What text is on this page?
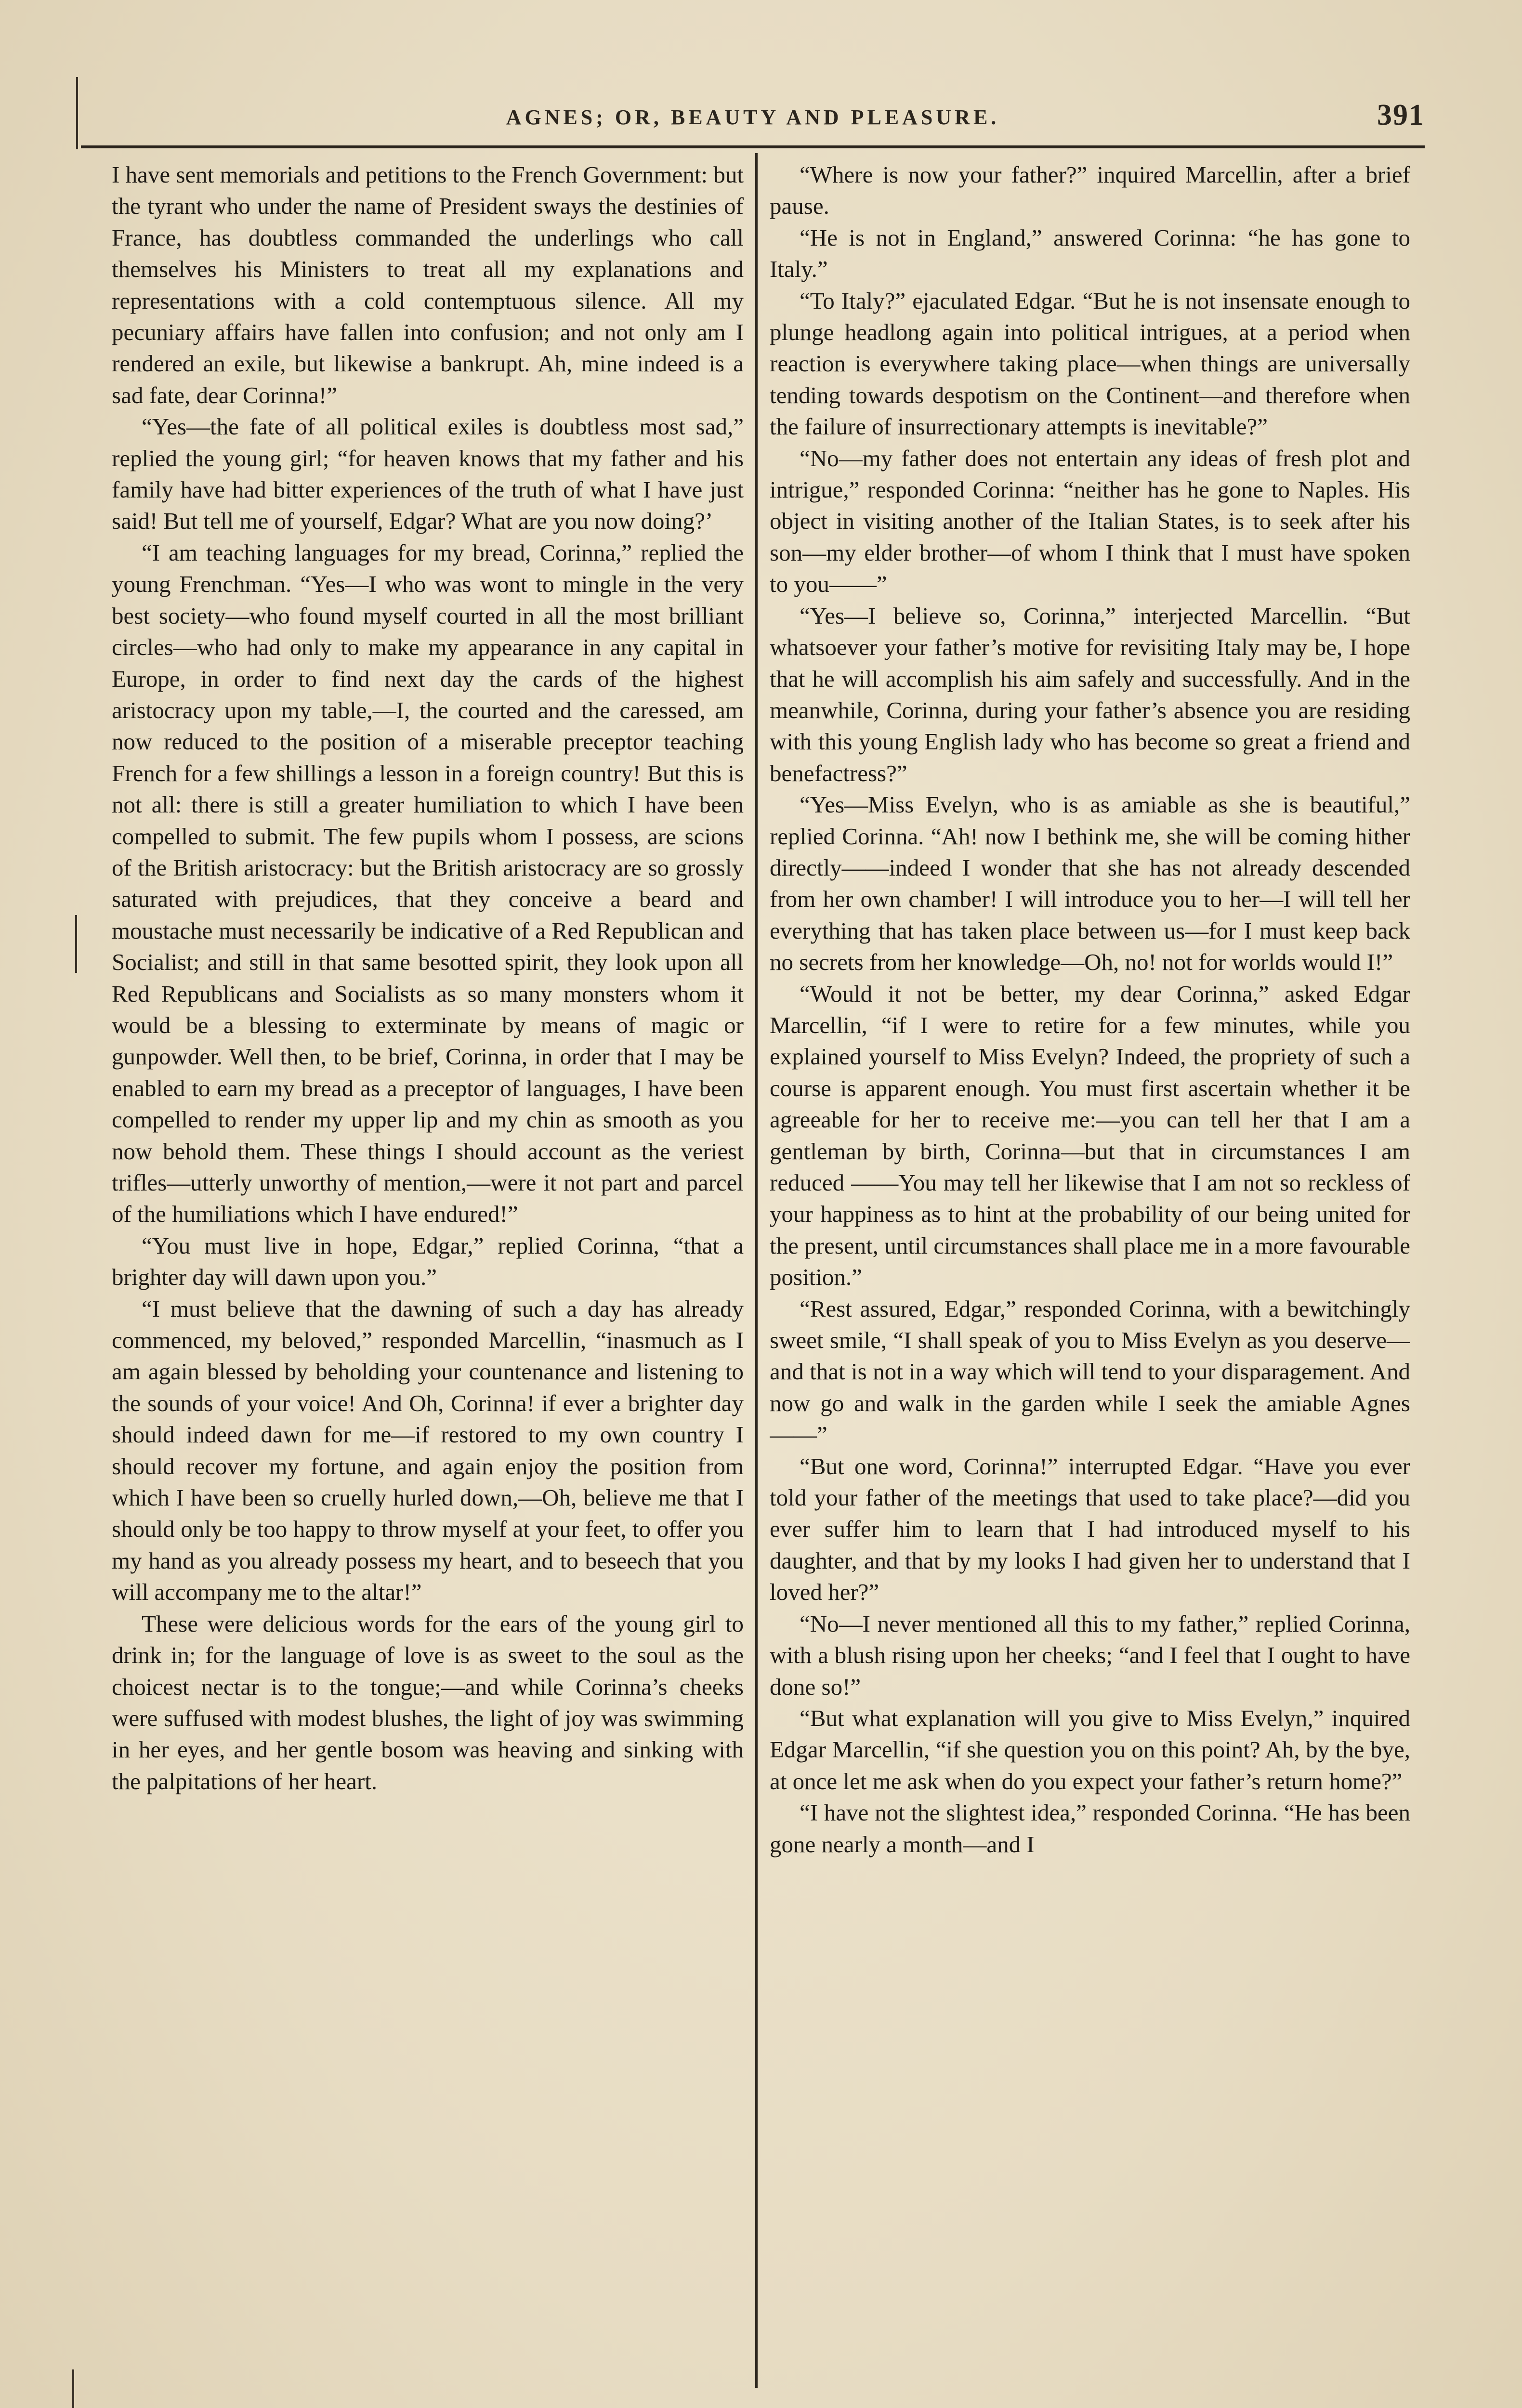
AGNES; OR, BEAUTY AND PLEASURE.	391

I have sent memorials and petitions to the French Government: but the tyrant who under the name of President sways the destinies of France, has doubtless commanded the underlings who call themselves his Ministers to treat all my explanations and representations with a cold contemptuous silence. All my pecuniary affairs have fallen into confusion; and not only am I rendered an exile, but likewise a bankrupt. Ah, mine indeed is a sad fate, dear Corinna!”

“Yes—the fate of all political exiles is doubtless most sad,” replied the young girl; “for heaven knows that my father and his family have had bitter experiences of the truth of what I have just said! But tell me of yourself, Edgar? What are you now doing?’

“I am teaching languages for my bread, Corinna,” replied the young Frenchman. “Yes—I who was wont to mingle in the very best society—who found myself courted in all the most brilliant circles—who had only to make my appearance in any capital in Europe, in order to find next day the cards of the highest aristocracy upon my table,—I, the courted and the caressed, am now reduced to the position of a miserable preceptor teaching French for a few shillings a lesson in a foreign country! But this is not all: there is still a greater humiliation to which I have been compelled to submit. The few pupils whom I possess, are scions of the British aristocracy: but the British aristocracy are so grossly saturated with prejudices, that they conceive a beard and moustache must necessarily be indicative of a Red Republican and Socialist; and still in that same besotted spirit, they look upon all Red Republicans and Socialists as so many monsters whom it would be a blessing to exterminate by means of magic or gunpowder. Well then, to be brief, Corinna, in order that I may be enabled to earn my bread as a preceptor of languages, I have been compelled to render my upper lip and my chin as smooth as you now behold them. These things I should account as the veriest trifles—utterly unworthy of mention,—were it not part and parcel of the humiliations which I have endured!”

“You must live in hope, Edgar,” replied Corinna, “that a brighter day will dawn upon you.”

“I must believe that the dawning of such a day has already commenced, my beloved,” responded Marcellin, “inasmuch as I am again blessed by beholding your countenance and listening to the sounds of your voice! And Oh, Corinna! if ever a brighter day should indeed dawn for me—if restored to my own country I should recover my fortune, and again enjoy the position from which I have been so cruelly hurled down,—Oh, believe me that I should only be too happy to throw myself at your feet, to offer you my hand as you already possess my heart, and to beseech that you will accompany me to the altar!”

These were delicious words for the ears of the young girl to drink in; for the language of love is as sweet to the soul as the choicest nectar is to the tongue;—and while Corinna’s cheeks were suffused with modest blushes, the light of joy was swimming in her eyes, and her gentle bosom was heaving and sinking with the palpitations of her heart.

“Where is now your father?” inquired Marcellin, after a brief pause.

“He is not in England,” answered Corinna: “he has gone to Italy.”

“To Italy?” ejaculated Edgar. “But he is not insensate enough to plunge headlong again into political intrigues, at a period when reaction is everywhere taking place—when things are universally tending towards despotism on the Continent—and therefore when the failure of insurrectionary attempts is inevitable?”

“No—my father does not entertain any ideas of fresh plot and intrigue,” responded Corinna: “neither has he gone to Naples. His object in visiting another of the Italian States, is to seek after his son—my elder brother—of whom I think that I must have spoken to you——”

“Yes—I believe so, Corinna,” interjected Marcellin. “But whatsoever your father’s motive for revisiting Italy may be, I hope that he will accomplish his aim safely and successfully. And in the meanwhile, Corinna, during your father’s absence you are residing with this young English lady who has become so great a friend and benefactress?”

“Yes—Miss Evelyn, who is as amiable as she is beautiful,” replied Corinna. “Ah! now I bethink me, she will be coming hither directly——indeed I wonder that she has not already descended from her own chamber! I will introduce you to her—I will tell her everything that has taken place between us—for I must keep back no secrets from her knowledge—Oh, no! not for worlds would I!”

“Would it not be better, my dear Corinna,” asked Edgar Marcellin, “if I were to retire for a few minutes, while you explained yourself to Miss Evelyn? Indeed, the propriety of such a course is apparent enough. You must first ascertain whether it be agreeable for her to receive me:—you can tell her that I am a gentleman by birth, Corinna—but that in circumstances I am reduced ——You may tell her likewise that I am not so reckless of your happiness as to hint at the probability of our being united for the present, until circumstances shall place me in a more favourable position.”

“Rest assured, Edgar,” responded Corinna, with a bewitchingly sweet smile, “I shall speak of you to Miss Evelyn as you deserve—and that is not in a way which will tend to your disparagement. And now go and walk in the garden while I seek the amiable Agnes——”

“But one word, Corinna!” interrupted Edgar. “Have you ever told your father of the meetings that used to take place?—did you ever suffer him to learn that I had introduced myself to his daughter, and that by my looks I had given her to understand that I loved her?”

“No—I never mentioned all this to my father,” replied Corinna, with a blush rising upon her cheeks; “and I feel that I ought to have done so!”

“But what explanation will you give to Miss Evelyn,” inquired Edgar Marcellin, “if she question you on this point? Ah, by the bye, at once let me ask when do you expect your father’s return home?”

“I have not the slightest idea,” responded Corinna. “He has been gone nearly a month—and I
